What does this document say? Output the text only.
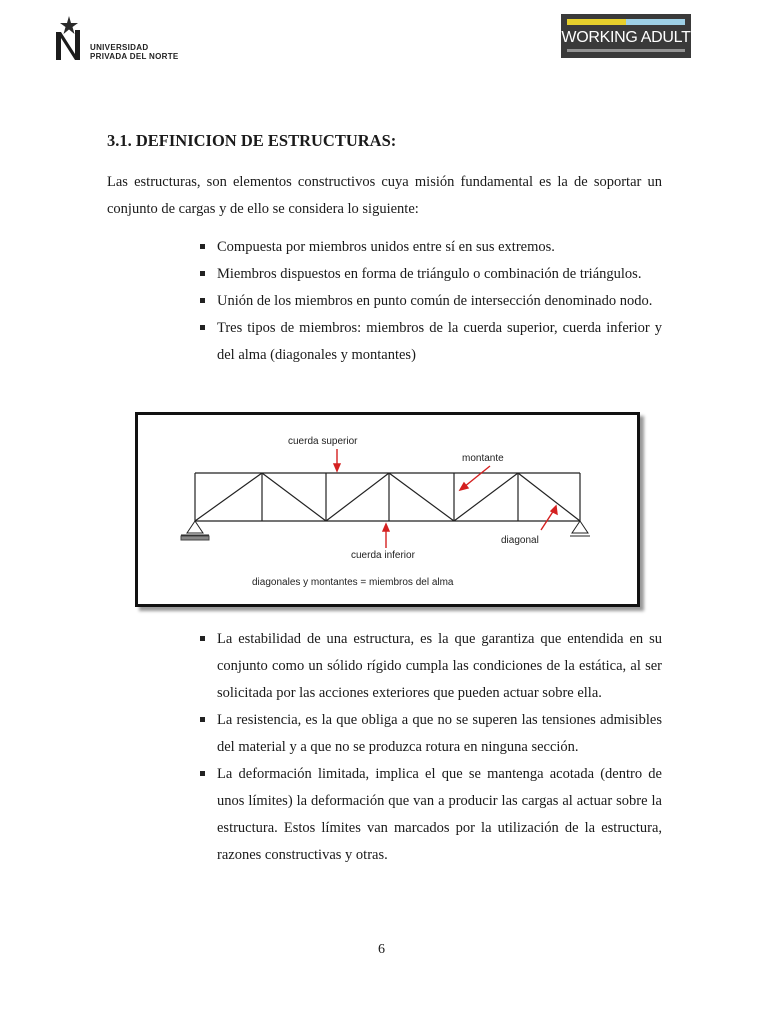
UNIVERSIDAD
PRIVADA DEL NORTE
WORKING ADULT
3.1. DEFINICION DE ESTRUCTURAS:

Las estructuras, son elementos constructivos cuya misión fundamental es la de soportar un conjunto de cargas y de ello se considera lo siguiente:

Compuesta por miembros unidos entre sí en sus extremos.
Miembros dispuestos en forma de triángulo o combinación de triángulos.
Unión de los miembros en punto común de intersección denominado nodo.
Tres tipos de miembros: miembros de la cuerda superior, cuerda inferior y del alma (diagonales y montantes)
cuerda superior
montante
cuerda inferior
diagonal
diagonales y montantes = miembros del alma
La estabilidad de una estructura, es la que garantiza que entendida en su conjunto como un sólido rígido cumpla las condiciones de la estática, al ser solicitada por las acciones exteriores que pueden actuar sobre ella.
La resistencia, es la que obliga a que no se superen las tensiones admisibles del material y a que no se produzca rotura en ninguna sección.
La deformación limitada, implica el que se mantenga acotada (dentro de unos límites) la deformación que van a producir las cargas al actuar sobre la estructura. Estos límites van marcados por la utilización de la estructura, razones constructivas y otras.
6
